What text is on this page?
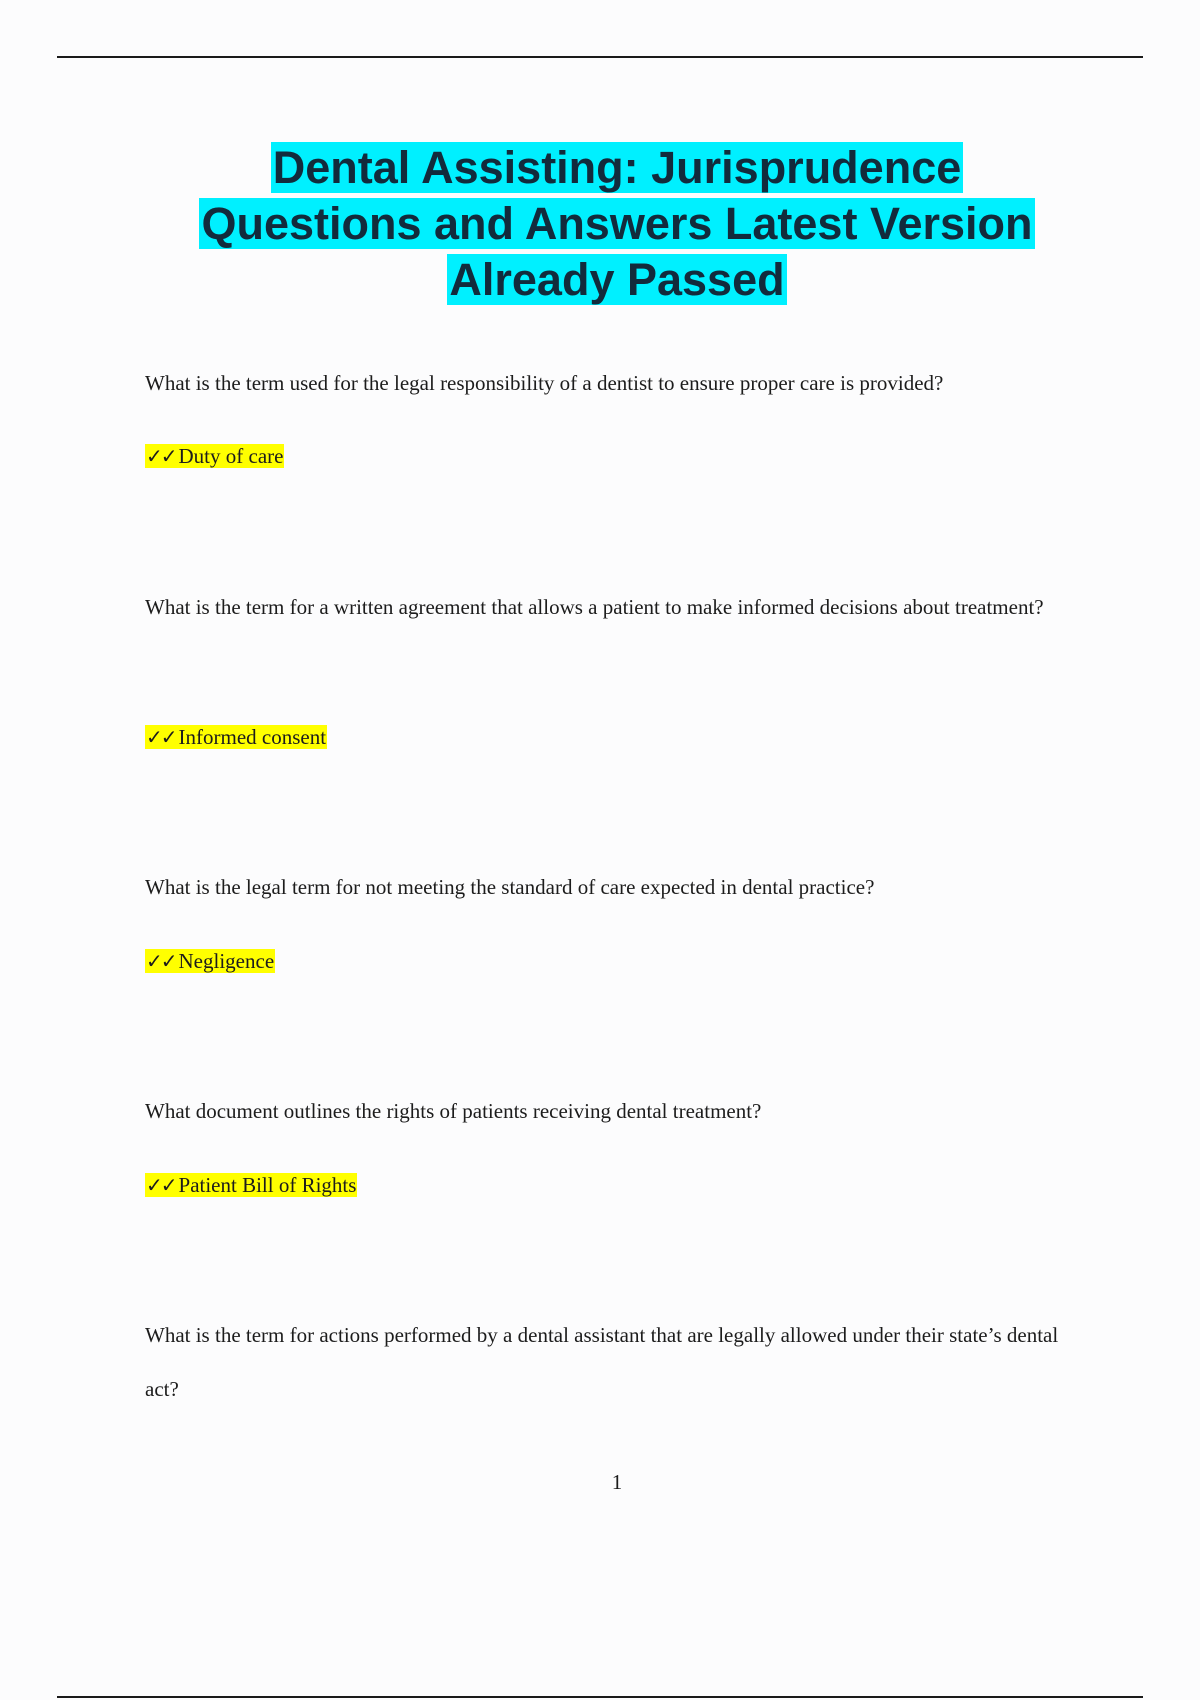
Dental Assisting: Jurisprudence
Questions and Answers Latest Version
Already Passed
What is the term used for the legal responsibility of a dentist to ensure proper care is provided?
✓✓ Duty of care
What is the term for a written agreement that allows a patient to make informed decisions about treatment?
✓✓ Informed consent
What is the legal term for not meeting the standard of care expected in dental practice?
✓✓ Negligence
What document outlines the rights of patients receiving dental treatment?
✓✓ Patient Bill of Rights
What is the term for actions performed by a dental assistant that are legally allowed under their state’s dental act?
1
